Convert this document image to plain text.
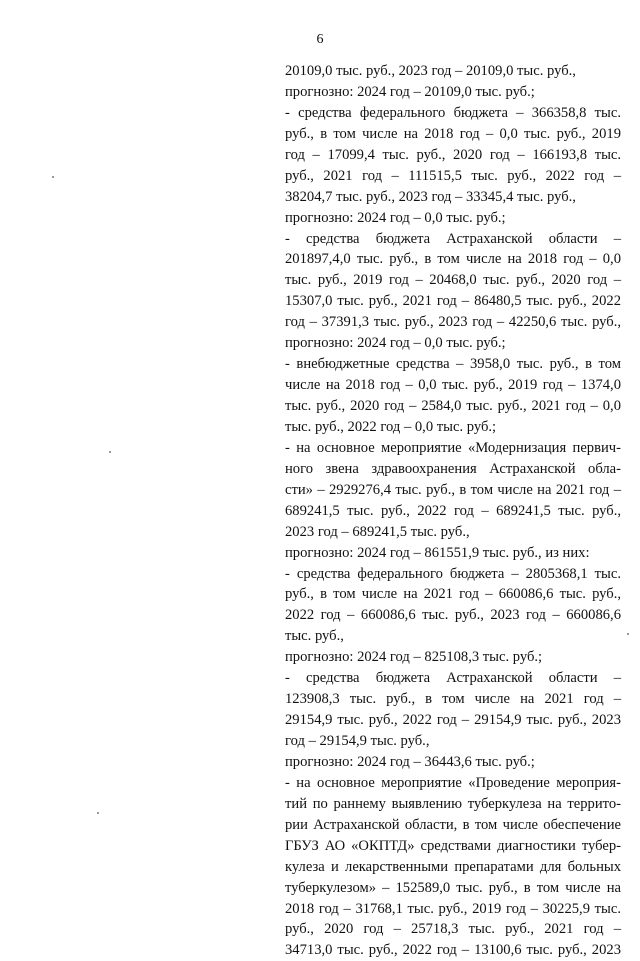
6
20109,0 тыс. руб., 2023 год – 20109,0 тыс. руб.,
прогнозно: 2024 год – 20109,0 тыс. руб.;
- средства федерального бюджета – 366358,8 тыс.
руб., в том числе на 2018 год – 0,0 тыс. руб., 2019
год – 17099,4 тыс. руб., 2020 год – 166193,8 тыс.
руб., 2021 год – 111515,5 тыс. руб., 2022 год –
38204,7 тыс. руб., 2023 год – 33345,4 тыс. руб.,
прогнозно: 2024 год – 0,0 тыс. руб.;
- средства бюджета Астраханской области –
201897,4,0 тыс. руб., в том числе на 2018 год – 0,0
тыс. руб., 2019 год – 20468,0 тыс. руб., 2020 год –
15307,0 тыс. руб., 2021 год – 86480,5 тыс. руб., 2022
год – 37391,3 тыс. руб., 2023 год – 42250,6 тыс. руб.,
прогнозно: 2024 год – 0,0 тыс. руб.;
- внебюджетные средства – 3958,0 тыс. руб., в том
числе на 2018 год – 0,0 тыс. руб., 2019 год – 1374,0
тыс. руб., 2020 год – 2584,0 тыс. руб., 2021 год – 0,0
тыс. руб., 2022 год – 0,0 тыс. руб.;
- на основное мероприятие «Модернизация первич-
ного звена здравоохранения Астраханской обла-
сти» – 2929276,4 тыс. руб., в том числе на 2021 год –
689241,5 тыс. руб., 2022 год – 689241,5 тыс. руб.,
2023 год – 689241,5 тыс. руб.,
прогнозно: 2024 год – 861551,9 тыс. руб., из них:
- средства федерального бюджета – 2805368,1 тыс.
руб., в том числе на 2021 год – 660086,6 тыс. руб.,
2022 год – 660086,6 тыс. руб., 2023 год – 660086,6
тыс. руб.,
прогнозно: 2024 год – 825108,3 тыс. руб.;
- средства бюджета Астраханской области –
123908,3 тыс. руб., в том числе на 2021 год –
29154,9 тыс. руб., 2022 год – 29154,9 тыс. руб., 2023
год – 29154,9 тыс. руб.,
прогнозно: 2024 год – 36443,6 тыс. руб.;
- на основное мероприятие «Проведение мероприя-
тий по раннему выявлению туберкулеза на террито-
рии Астраханской области, в том числе обеспечение
ГБУЗ АО «ОКПТД» средствами диагностики тубер-
кулеза и лекарственными препаратами для больных
туберкулезом» – 152589,0 тыс. руб., в том числе на
2018 год – 31768,1 тыс. руб., 2019 год – 30225,9 тыс.
руб., 2020 год – 25718,3 тыс. руб., 2021 год –
34713,0 тыс. руб., 2022 год – 13100,6 тыс. руб., 2023
